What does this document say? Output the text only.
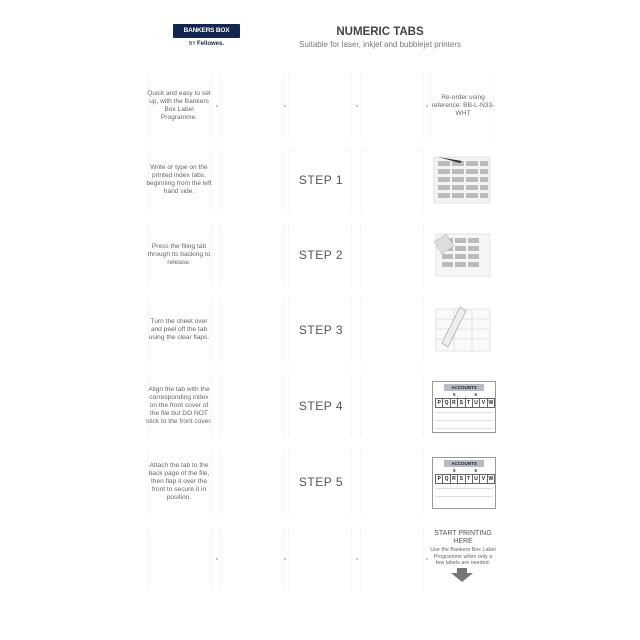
BANKERS BOX
BY Fellowes.
NUMERIC TABS
Suitable for laser, inkjet and bubblejet printers
Quick and easy to set up, with the Bankers Box Label Programme.
Re-order using reference: BB-L-N33-WHT
Write or type on the printed index tabs, beginning from the left hand side.
STEP 1
Press the filing tab through its backing to release.
STEP 2
Turn the sheet over and peel off the tab using the clear flaps.
STEP 3
Align the tab with the corresponding index on the front cover of the file but DO NOT stick to the front cover.
STEP 4
ACCOUNTS
5	6
P Q R S T U V W
Attach the tab to the back page of the file, then flap it over the front to secure it in position.
STEP 5
ACCOUNTS
5	6
P Q R S T U V W
START PRINTING HERE
Use the Bankers Box Label Programme when only a few labels are needed.
